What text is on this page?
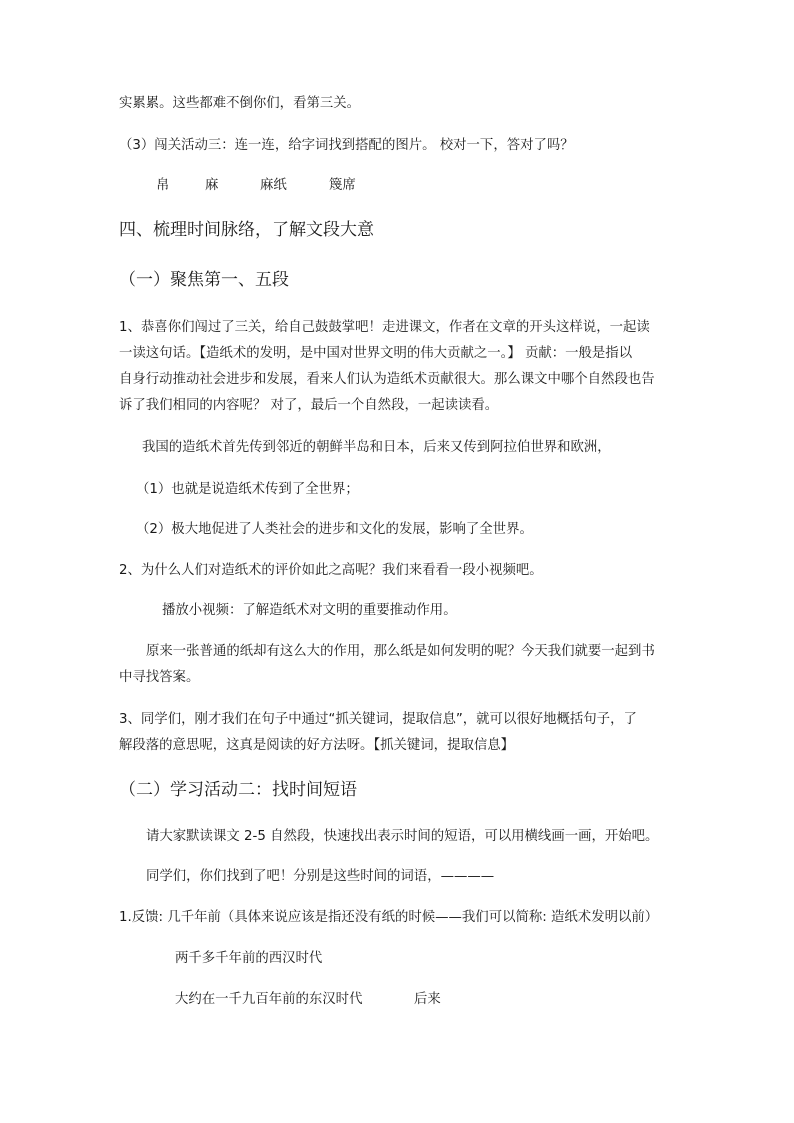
实累累。这些都难不倒你们，看第三关。
（3）闯关活动三：连一连，给字词找到搭配的图片。 校对一下，答对了吗？
帛	麻	麻纸	篾席
四、梳理时间脉络，了解文段大意
（一）聚焦第一、五段
1、恭喜你们闯过了三关，给自己鼓鼓掌吧！走进课文，作者在文章的开头这样说，一起读
一读这句话。【造纸术的发明，是中国对世界文明的伟大贡献之一。】 贡献：一般是指以
自身行动推动社会进步和发展，看来人们认为造纸术贡献很大。那么课文中哪个自然段也告
诉了我们相同的内容呢？ 对了，最后一个自然段，一起读读看。
我国的造纸术首先传到邻近的朝鲜半岛和日本，后来又传到阿拉伯世界和欧洲，
（1）也就是说造纸术传到了全世界；
（2）极大地促进了人类社会的进步和文化的发展，影响了全世界。
2、为什么人们对造纸术的评价如此之高呢？我们来看看一段小视频吧。
播放小视频：了解造纸术对文明的重要推动作用。
原来一张普通的纸却有这么大的作用，那么纸是如何发明的呢？今天我们就要一起到书
中寻找答案。
3、同学们，刚才我们在句子中通过“抓关键词，提取信息”，就可以很好地概括句子，了
解段落的意思呢，这真是阅读的好方法呀。【抓关键词，提取信息】
（二）学习活动二：找时间短语
请大家默读课文 2-5 自然段，快速找出表示时间的短语，可以用横线画一画，开始吧。
同学们，你们找到了吧！分别是这些时间的词语，————
1.反馈: 几千年前（具体来说应该是指还没有纸的时候——我们可以简称: 造纸术发明以前）
两千多千年前的西汉时代
大约在一千九百年前的东汉时代	后来
